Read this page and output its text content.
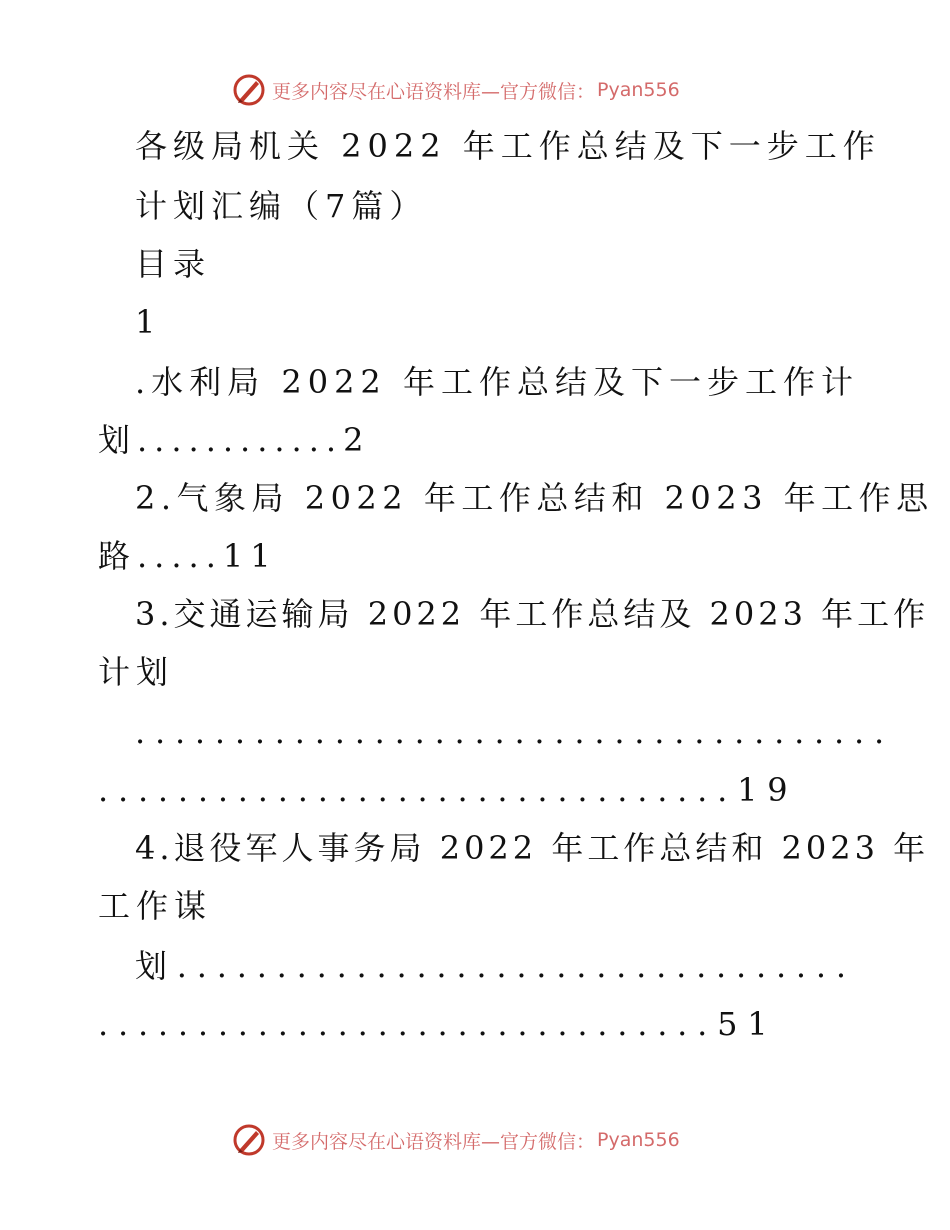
更多内容尽在心语资料库—官方微信： Pyan556
各级局机关 2022 年工作总结及下一步工作
计划汇编（7篇）
目录
1
.水利局 2022 年工作总结及下一步工作计
划............2
2.气象局 2022 年工作总结和 2023 年工作思
路.....11
3.交通运输局 2022 年工作总结及 2023 年工作
计划
......................................
................................19
4.退役军人事务局 2022 年工作总结和 2023 年
工作谋
划..................................
...............................51
更多内容尽在心语资料库—官方微信： Pyan556
